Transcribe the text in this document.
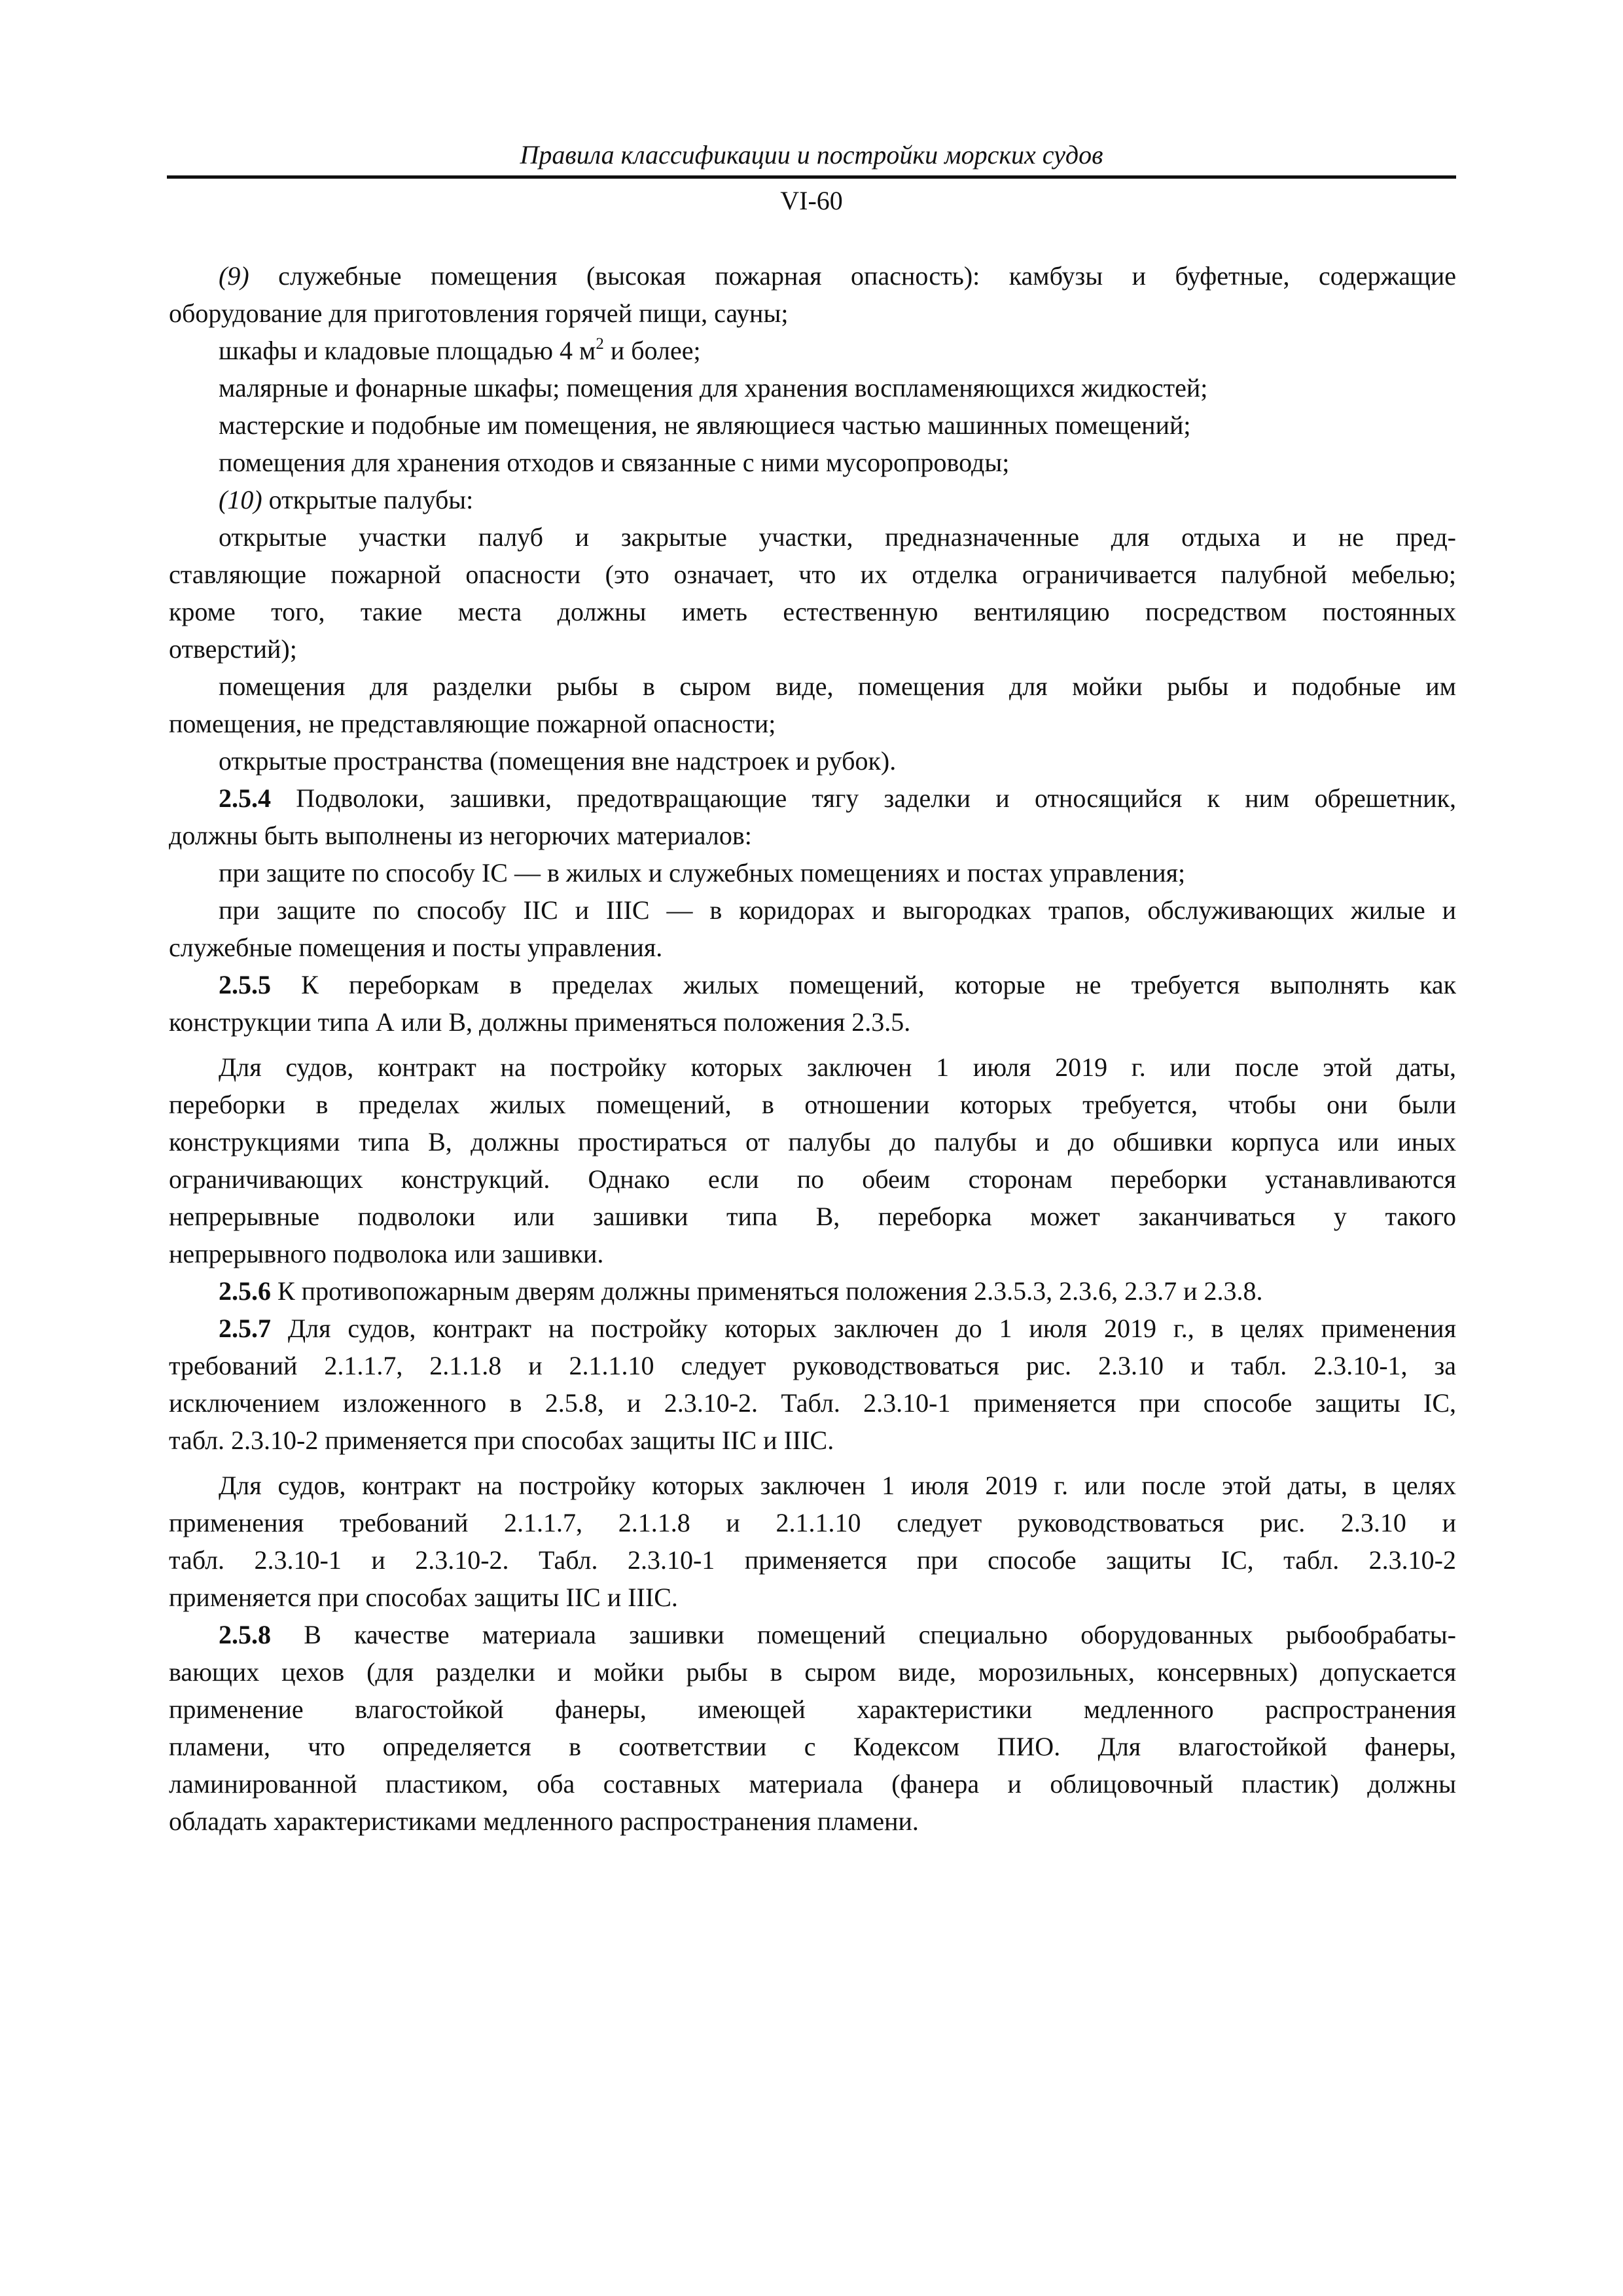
Правила классификации и постройки морских судов
VI-60
(9) служебные помещения (высокая пожарная опасность): камбузы и буфетные, содержащие
оборудование для приготовления горячей пищи, сауны;
шкафы и кладовые площадью 4 $м^2$ и более;
малярные и фонарные шкафы; помещения для хранения воспламеняющихся жидкостей;
мастерские и подобные им помещения, не являющиеся частью машинных помещений;
помещения для хранения отходов и связанные с ними мусоропроводы;
(10) открытые палубы:
открытые участки палуб и закрытые участки, предназначенные для отдыха и не пред-
ставляющие пожарной опасности (это означает, что их отделка ограничивается палубной мебелью;
кроме того, такие места должны иметь естественную вентиляцию посредством постоянных
отверстий);
помещения для разделки рыбы в сыром виде, помещения для мойки рыбы и подобные им
помещения, не представляющие пожарной опасности;
открытые пространства (помещения вне надстроек и рубок).
2.5.4 Подволоки, зашивки, предотвращающие тягу заделки и относящийся к ним обрешетник,
должны быть выполнены из негорючих материалов:
при защите по способу IC — в жилых и служебных помещениях и постах управления;
при защите по способу IIC и IIIC — в коридорах и выгородках трапов, обслуживающих жилые и
служебные помещения и посты управления.
2.5.5 К переборкам в пределах жилых помещений, которые не требуется выполнять как
конструкции типа А или В, должны применяться положения 2.3.5.
Для судов, контракт на постройку которых заключен 1 июля 2019 г. или после этой даты,
переборки в пределах жилых помещений, в отношении которых требуется, чтобы они были
конструкциями типа В, должны простираться от палубы до палубы и до обшивки корпуса или иных
ограничивающих конструкций. Однако если по обеим сторонам переборки устанавливаются
непрерывные подволоки или зашивки типа В, переборка может заканчиваться у такого
непрерывного подволока или зашивки.
2.5.6 К противопожарным дверям должны применяться положения 2.3.5.3, 2.3.6, 2.3.7 и 2.3.8.
2.5.7 Для судов, контракт на постройку которых заключен до 1 июля 2019 г., в целях применения
требований 2.1.1.7, 2.1.1.8 и 2.1.1.10 следует руководствоваться рис. 2.3.10 и табл. 2.3.10-1, за
исключением изложенного в 2.5.8, и 2.3.10-2. Табл. 2.3.10-1 применяется при способе защиты IC,
табл. 2.3.10-2 применяется при способах защиты IIC и IIIC.
Для судов, контракт на постройку которых заключен 1 июля 2019 г. или после этой даты, в целях
применения требований 2.1.1.7, 2.1.1.8 и 2.1.1.10 следует руководствоваться рис. 2.3.10 и
табл. 2.3.10-1 и 2.3.10-2. Табл. 2.3.10-1 применяется при способе защиты IC, табл. 2.3.10-2
применяется при способах защиты IIC и IIIC.
2.5.8 В качестве материала зашивки помещений специально оборудованных рыбообрабаты-
вающих цехов (для разделки и мойки рыбы в сыром виде, морозильных, консервных) допускается
применение влагостойкой фанеры, имеющей характеристики медленного распространения
пламени, что определяется в соответствии с Кодексом ПИО. Для влагостойкой фанеры,
ламинированной пластиком, оба составных материала (фанера и облицовочный пластик) должны
обладать характеристиками медленного распространения пламени.
